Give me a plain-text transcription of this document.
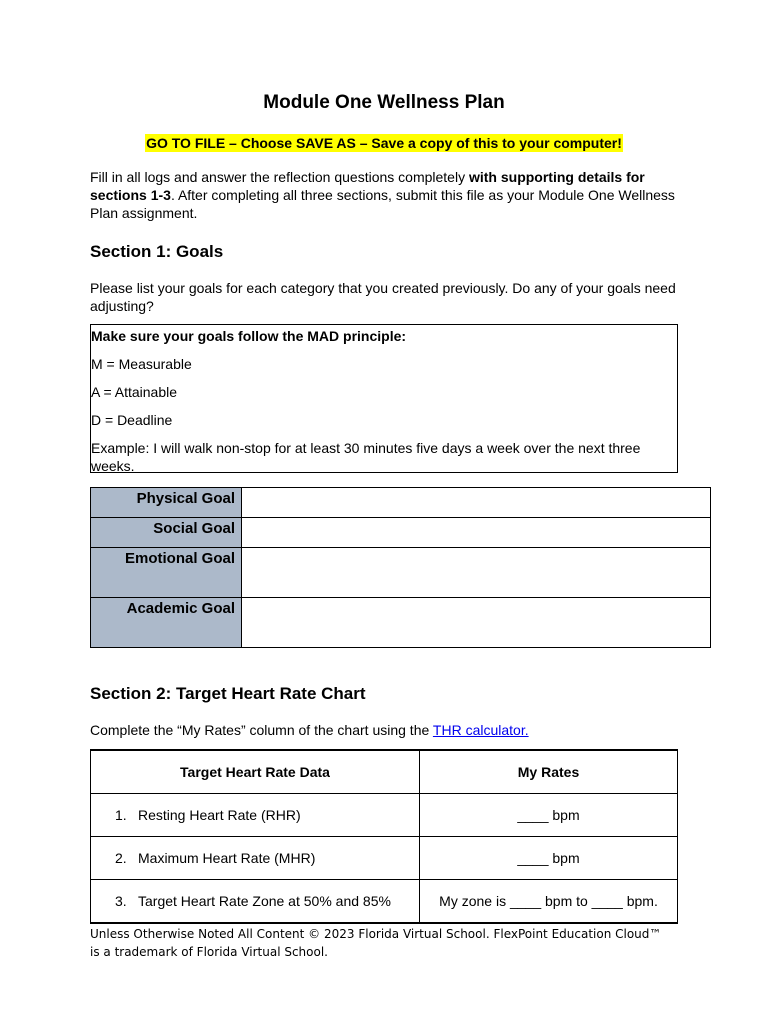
Module One Wellness Plan
GO TO FILE – Choose SAVE AS – Save a copy of this to your computer!
Fill in all logs and answer the reflection questions completely with supporting details for sections 1-3. After completing all three sections, submit this file as your Module One Wellness Plan assignment.
Section 1: Goals
Please list your goals for each category that you created previously. Do any of your goals need adjusting?
Make sure your goals follow the MAD principle:
M = Measurable
A = Attainable
D = Deadline
Example: I will walk non-stop for at least 30 minutes five days a week over the next three weeks.
Physical Goal	
Social Goal	
Emotional Goal	
Academic Goal	
Section 2: Target Heart Rate Chart
Complete the “My Rates” column of the chart using the THR calculator.
Target Heart Rate Data	My Rates
1. Resting Heart Rate (RHR)	____ bpm
2. Maximum Heart Rate (MHR)	____ bpm
3. Target Heart Rate Zone at 50% and 85%	My zone is ____ bpm to ____ bpm.
Unless Otherwise Noted All Content © 2023 Florida Virtual School. FlexPoint Education Cloud™ is a trademark of Florida Virtual School.
